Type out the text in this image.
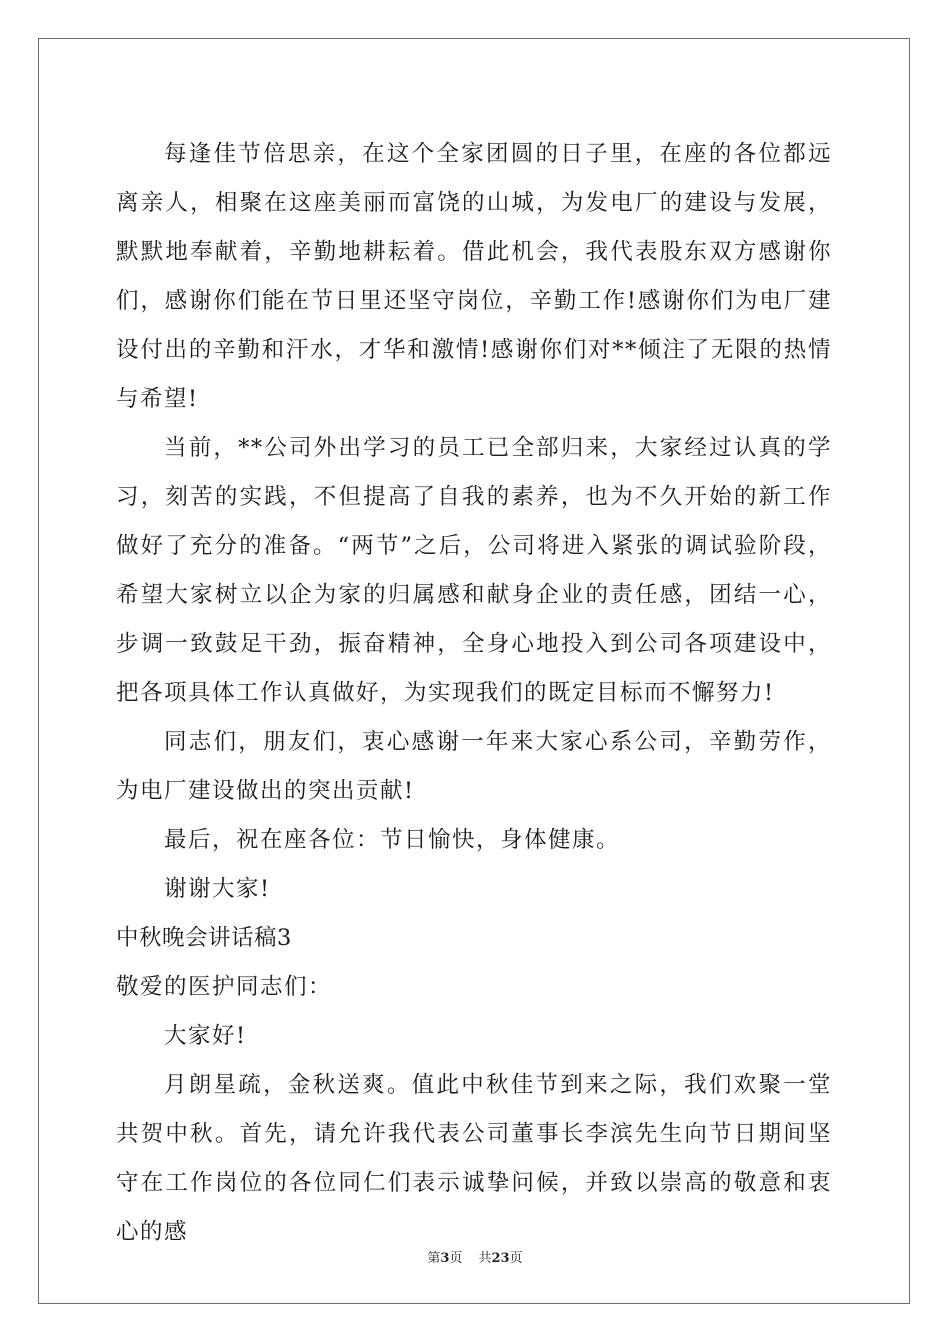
每逢佳节倍思亲，在这个全家团圆的日子里，在座的各位都远离亲人，相聚在这座美丽而富饶的山城，为发电厂的建设与发展，默默地奉献着，辛勤地耕耘着。借此机会，我代表股东双方感谢你们，感谢你们能在节日里还坚守岗位，辛勤工作!感谢你们为电厂建设付出的辛勤和汗水，才华和激情!感谢你们对**倾注了无限的热情与希望!

当前，**公司外出学习的员工已全部归来，大家经过认真的学习，刻苦的实践，不但提高了自我的素养，也为不久开始的新工作做好了充分的准备。“两节”之后，公司将进入紧张的调试验阶段，希望大家树立以企为家的归属感和献身企业的责任感，团结一心，步调一致鼓足干劲，振奋精神，全身心地投入到公司各项建设中，把各项具体工作认真做好，为实现我们的既定目标而不懈努力!

同志们，朋友们，衷心感谢一年来大家心系公司，辛勤劳作，为电厂建设做出的突出贡献!

最后，祝在座各位：节日愉快，身体健康。

谢谢大家!

中秋晚会讲话稿3

敬爱的医护同志们：

大家好!

月朗星疏，金秋送爽。值此中秋佳节到来之际，我们欢聚一堂共贺中秋。首先，请允许我代表公司董事长李滨先生向节日期间坚守在工作岗位的各位同仁们表示诚挚问候，并致以崇高的敬意和衷心的感

第3页 共23页
